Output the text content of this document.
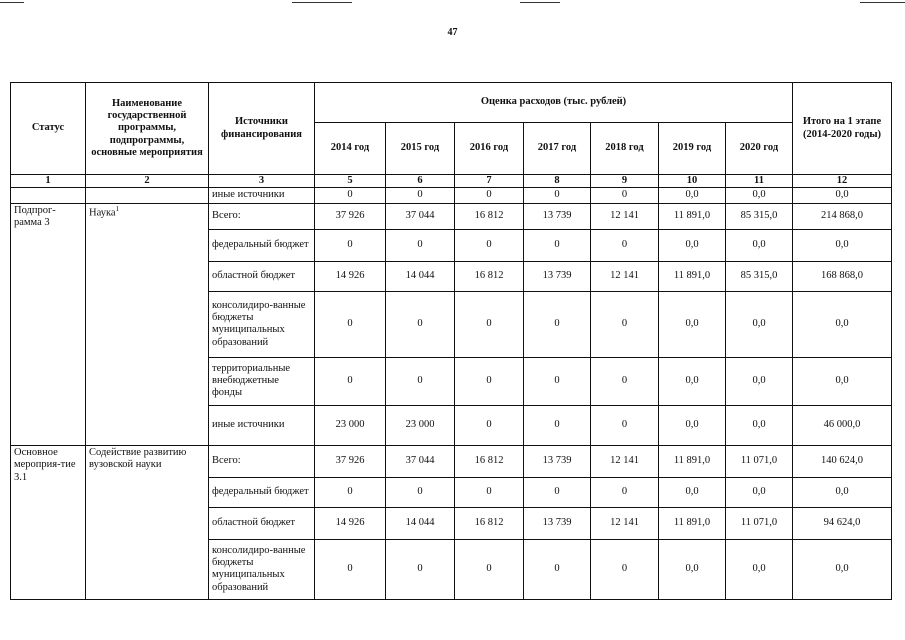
47
Статус	Наименование государственной программы, подпрограммы, основные мероприятия	Источники финансирования	Оценка расходов (тыс. рублей)							Итого на 1 этапе (2014-2020 годы)
			2014 год	2015 год	2016 год	2017 год	2018 год	2019 год	2020 год	
1	2	3	5	6	7	8	9	10	11	12
		иные источники	0	0	0	0	0	0,0	0,0	0,0
Подпрог-рамма 3	Наука$^1$	Всего:	37 926	37 044	16 812	13 739	12 141	11 891,0	85 315,0	214 868,0
		федеральный бюджет	0	0	0	0	0	0,0	0,0	0,0
		областной бюджет	14 926	14 044	16 812	13 739	12 141	11 891,0	85 315,0	168 868,0
		консолидиро-ванные бюджеты муниципальных образований	0	0	0	0	0	0,0	0,0	0,0
		территориальные внебюджетные фонды	0	0	0	0	0	0,0	0,0	0,0
		иные источники	23 000	23 000	0	0	0	0,0	0,0	46 000,0
Основное мероприя-тие 3.1	Содействие развитию вузовской науки	Всего:	37 926	37 044	16 812	13 739	12 141	11 891,0	11 071,0	140 624,0
		федеральный бюджет	0	0	0	0	0	0,0	0,0	0,0
		областной бюджет	14 926	14 044	16 812	13 739	12 141	11 891,0	11 071,0	94 624,0
		консолидиро-ванные бюджеты муниципальных образований	0	0	0	0	0	0,0	0,0	0,0
